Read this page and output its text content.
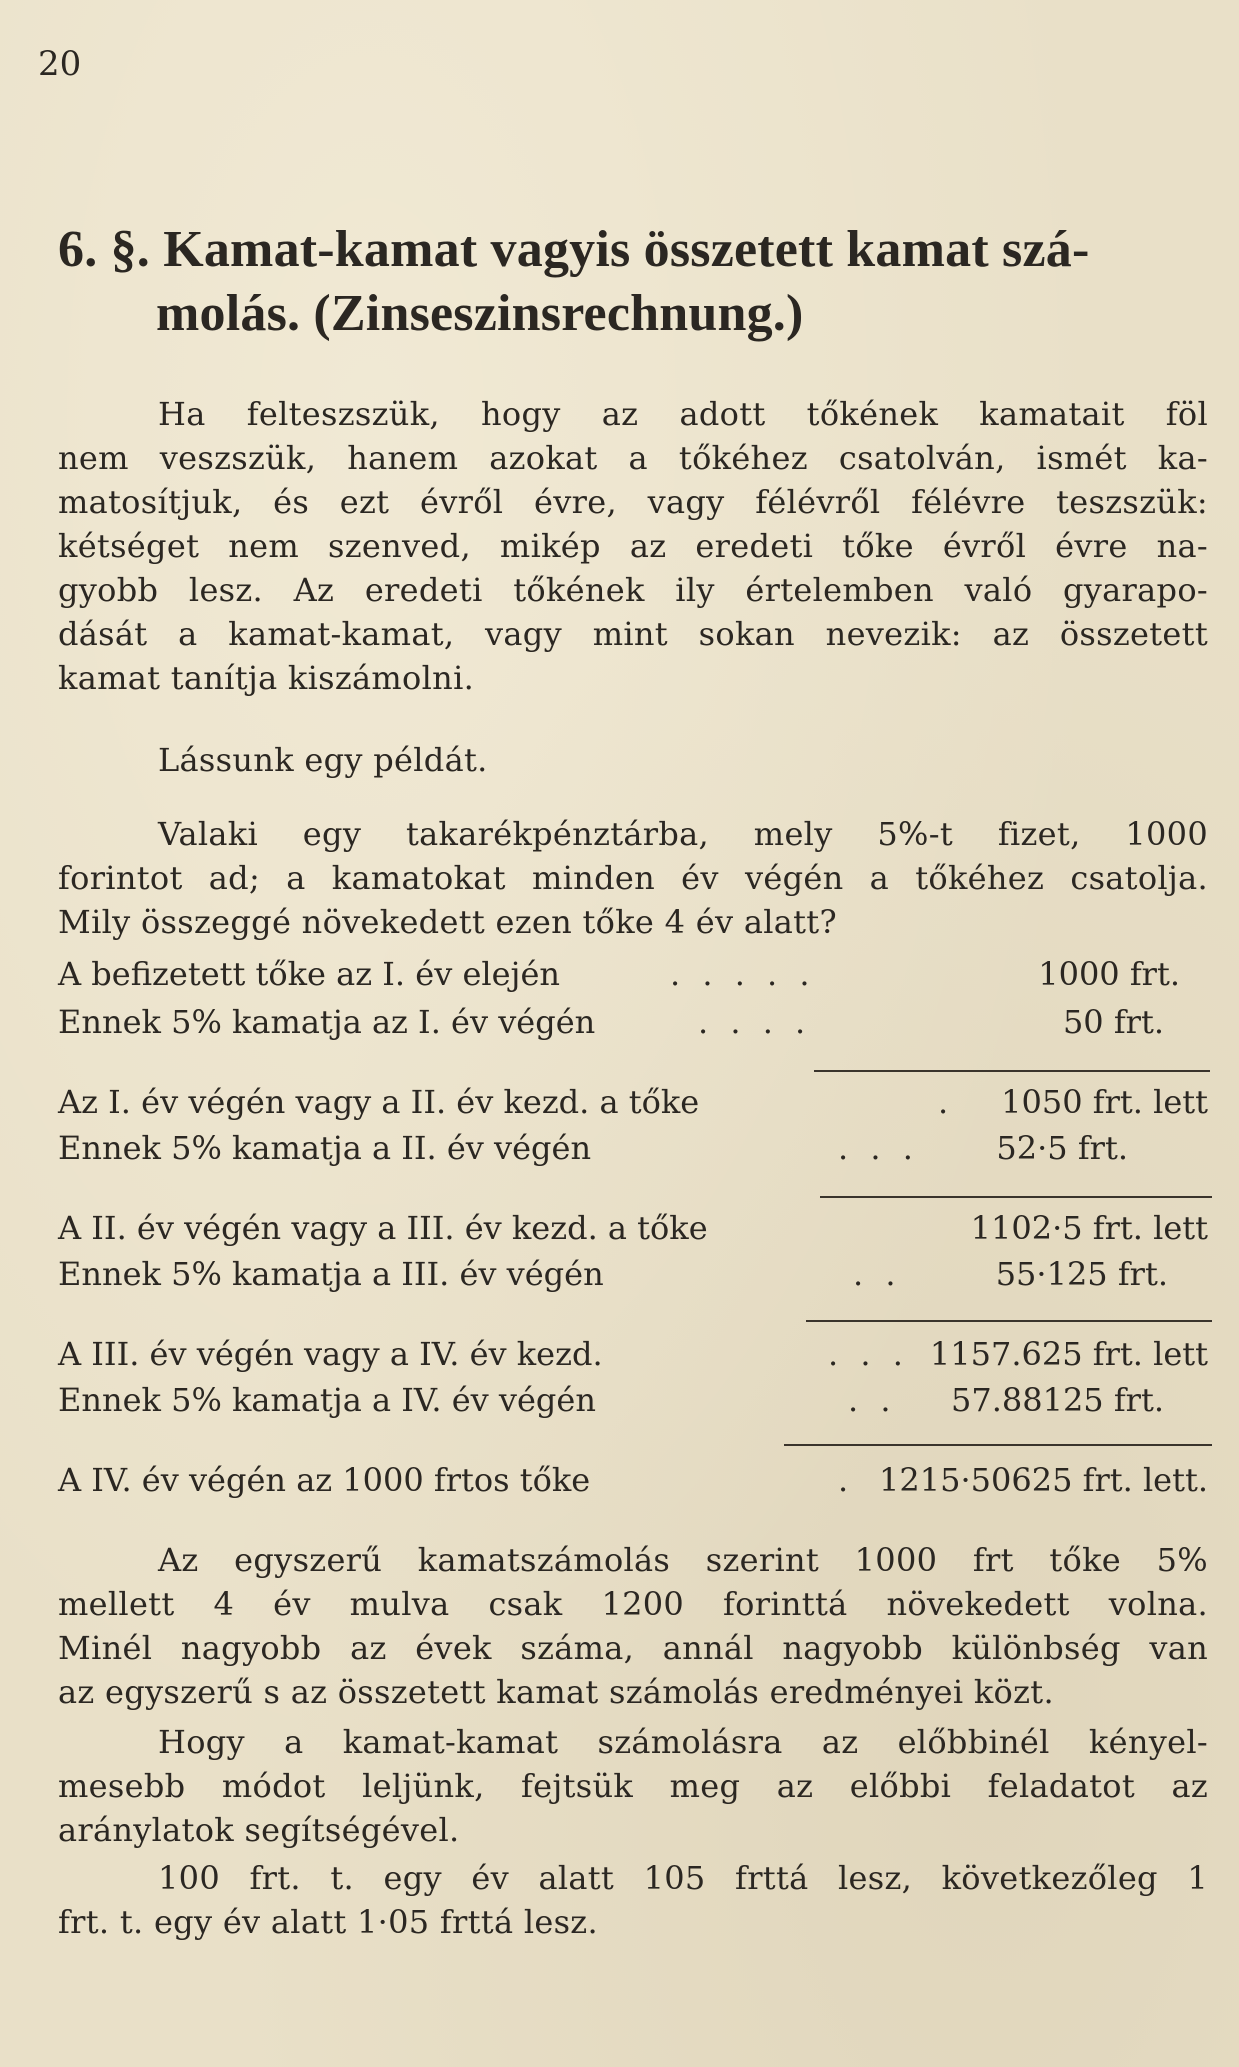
20
6. §. Kamat-kamat vagyis összetett kamat szá-
molás. (Zinseszinsrechnung.)
Ha felteszszük, hogy az adott tőkének kamatait föl
nem veszszük, hanem azokat a tőkéhez csatolván, ismét ka-
matosítjuk, és ezt évről évre, vagy félévről félévre teszszük:
kétséget nem szenved, mikép az eredeti tőke évről évre na-
gyobb lesz. Az eredeti tőkének ily értelemben való gyarapo-
dását a kamat-kamat, vagy mint sokan nevezik: az összetett
kamat tanítja kiszámolni.
Lássunk egy példát.
Valaki egy takarékpénztárba, mely 5%-t fizet, 1000
forintot ad; a kamatokat minden év végén a tőkéhez csatolja.
Mily összeggé növekedett ezen tőke 4 év alatt?
A befizetett tőke az I. év elején	. . . . .	1000 frt.
Ennek 5% kamatja az I. év végén	. . . .	50 frt.
Az I. év végén vagy a II. év kezd. a tőke	.	1050 frt. lett
Ennek 5% kamatja a II. év végén	. . .	52·5 frt.
A II. év végén vagy a III. év kezd. a tőke	1102·5 frt. lett
Ennek 5% kamatja a III. év végén	. .	55·125 frt.
A III. év végén vagy a IV. év kezd.	. . . 1157.625 frt. lett
Ennek 5% kamatja a IV. év végén	. .	57.88125 frt.
A IV. év végén az 1000 frtos tőke	. 1215·50625 frt. lett.
Az egyszerű kamatszámolás szerint 1000 frt tőke 5%
mellett 4 év mulva csak 1200 forinttá növekedett volna.
Minél nagyobb az évek száma, annál nagyobb különbség van
az egyszerű s az összetett kamat számolás eredményei közt.
Hogy a kamat-kamat számolásra az előbbinél kényel-
mesebb módot leljünk, fejtsük meg az előbbi feladatot az
aránylatok segítségével.
100 frt. t. egy év alatt 105 frttá lesz, következőleg 1
frt. t. egy év alatt 1·05 frttá lesz.
